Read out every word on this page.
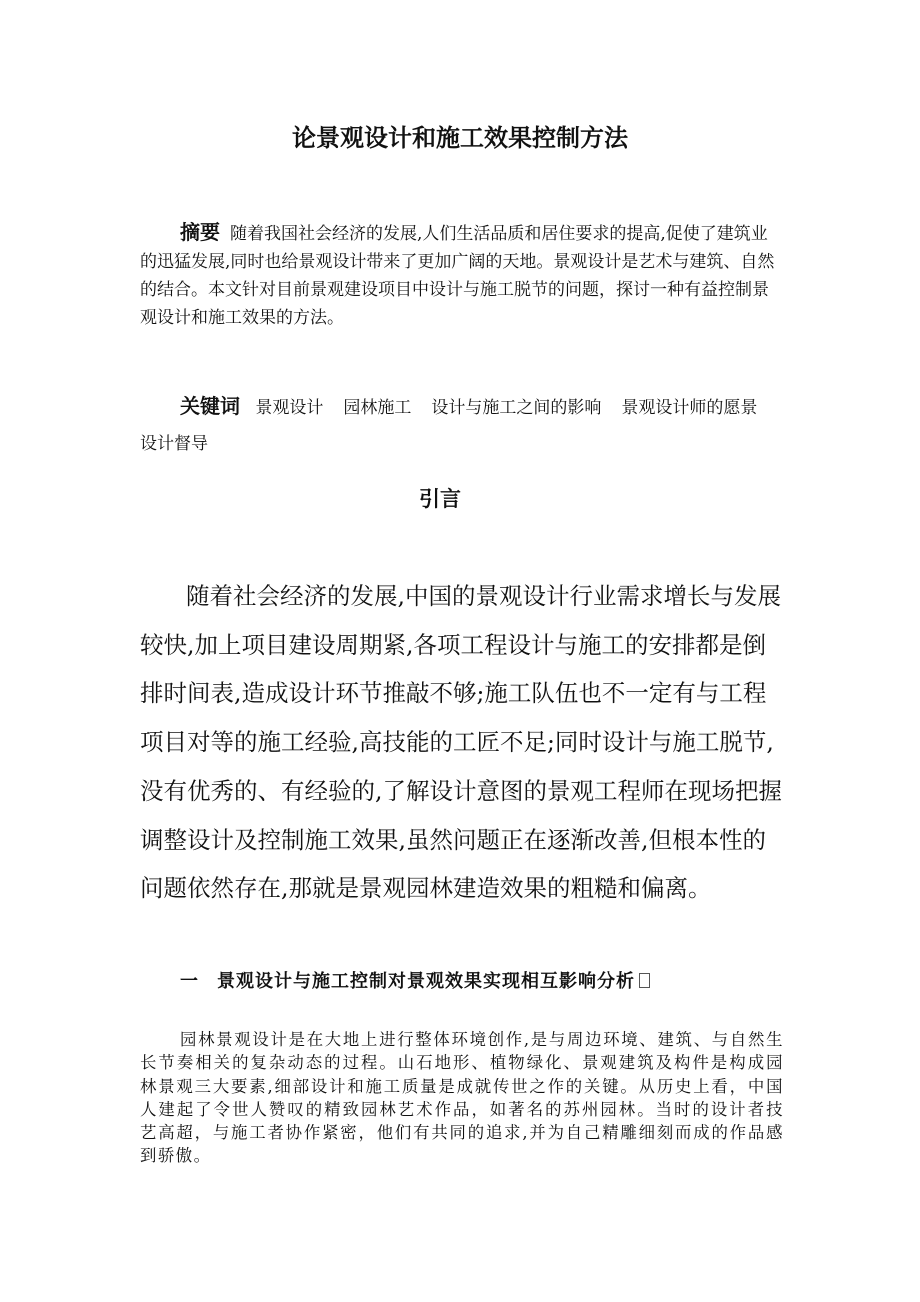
论景观设计和施工效果控制方法

摘要 随着我国社会经济的发展,人们生活品质和居住要求的提高,促使了建筑业的迅猛发展,同时也给景观设计带来了更加广阔的天地。景观设计是艺术与建筑、自然的结合。本文针对目前景观建设项目中设计与施工脱节的问题，探讨一种有益控制景观设计和施工效果的方法。

关键词 景观设计 园林施工 设计与施工之间的影响 景观设计师的愿景设计督导

引言

随着社会经济的发展,中国的景观设计行业需求增长与发展较快,加上项目建设周期紧,各项工程设计与施工的安排都是倒排时间表,造成设计环节推敲不够;施工队伍也不一定有与工程项目对等的施工经验,高技能的工匠不足;同时设计与施工脱节,没有优秀的、有经验的,了解设计意图的景观工程师在现场把握调整设计及控制施工效果,虽然问题正在逐渐改善,但根本性的问题依然存在,那就是景观园林建造效果的粗糙和偏离。

一 景观设计与施工控制对景观效果实现相互影响分析

园林景观设计是在大地上进行整体环境创作,是与周边环境、建筑、与自然生长节奏相关的复杂动态的过程。山石地形、植物绿化、景观建筑及构件是构成园林景观三大要素,细部设计和施工质量是成就传世之作的关键。从历史上看，中国人建起了令世人赞叹的精致园林艺术作品，如著名的苏州园林。当时的设计者技艺高超，与施工者协作紧密，他们有共同的追求,并为自己精雕细刻而成的作品感到骄傲。
